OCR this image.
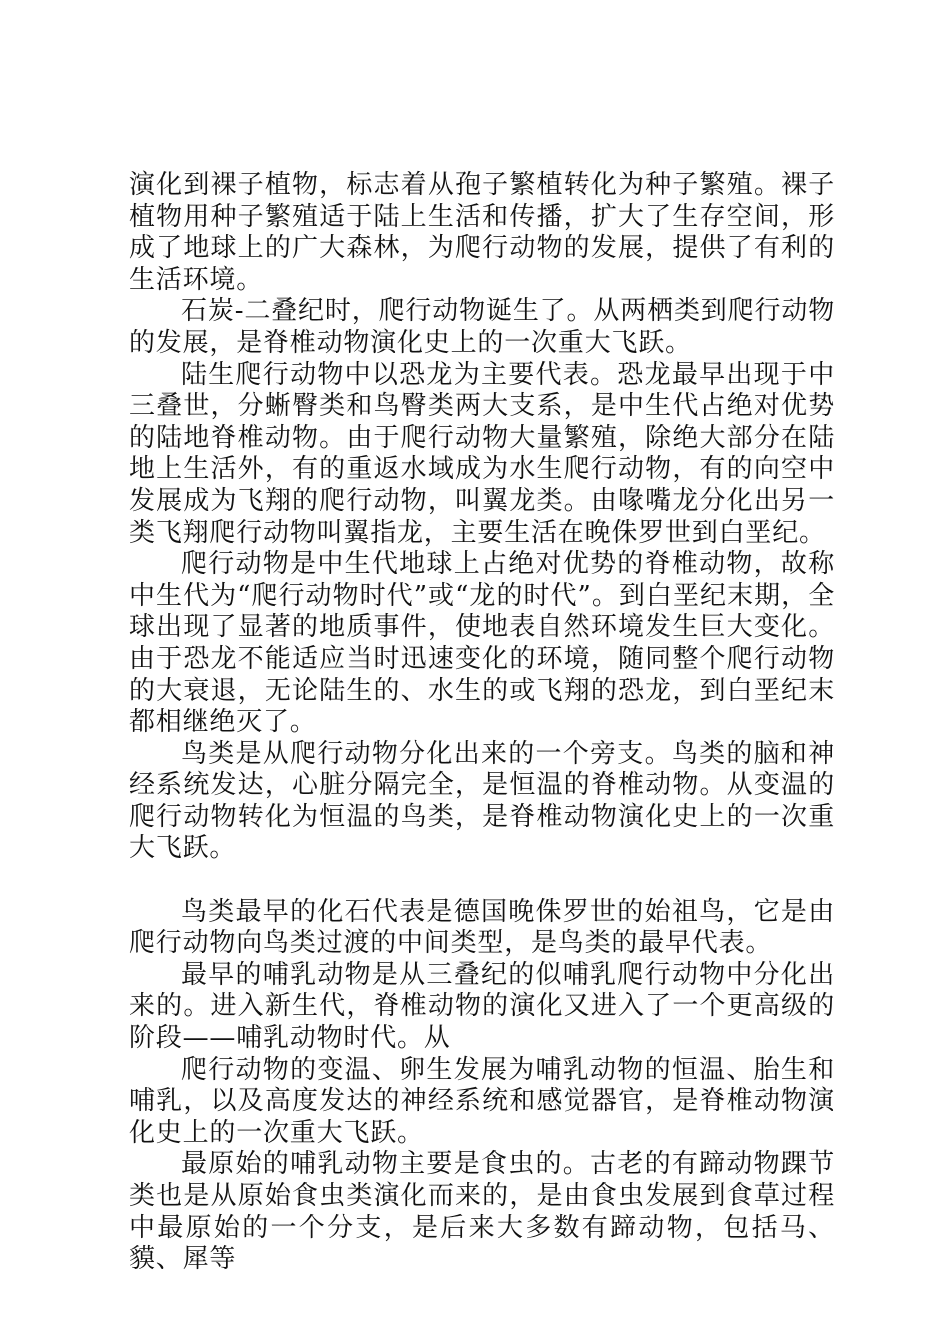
演化到裸子植物，标志着从孢子繁植转化为种子繁殖。裸子植物用种子繁殖适于陆上生活和传播，扩大了生存空间，形成了地球上的广大森林，为爬行动物的发展，提供了有利的生活环境。

石炭-二叠纪时，爬行动物诞生了。从两栖类到爬行动物的发展，是脊椎动物演化史上的一次重大飞跃。

陆生爬行动物中以恐龙为主要代表。恐龙最早出现于中三叠世，分蜥臀类和鸟臀类两大支系，是中生代占绝对优势的陆地脊椎动物。由于爬行动物大量繁殖，除绝大部分在陆地上生活外，有的重返水域成为水生爬行动物，有的向空中发展成为飞翔的爬行动物，叫翼龙类。由喙嘴龙分化出另一类飞翔爬行动物叫翼指龙，主要生活在晚侏罗世到白垩纪。

爬行动物是中生代地球上占绝对优势的脊椎动物，故称中生代为“爬行动物时代”或“龙的时代”。到白垩纪末期，全球出现了显著的地质事件，使地表自然环境发生巨大变化。由于恐龙不能适应当时迅速变化的环境，随同整个爬行动物的大衰退，无论陆生的、水生的或飞翔的恐龙，到白垩纪末都相继绝灭了。

鸟类是从爬行动物分化出来的一个旁支。鸟类的脑和神经系统发达，心脏分隔完全，是恒温的脊椎动物。从变温的爬行动物转化为恒温的鸟类，是脊椎动物演化史上的一次重大飞跃。

鸟类最早的化石代表是德国晚侏罗世的始祖鸟，它是由爬行动物向鸟类过渡的中间类型，是鸟类的最早代表。

最早的哺乳动物是从三叠纪的似哺乳爬行动物中分化出来的。进入新生代，脊椎动物的演化又进入了一个更高级的阶段——哺乳动物时代。从

爬行动物的变温、卵生发展为哺乳动物的恒温、胎生和哺乳，以及高度发达的神经系统和感觉器官，是脊椎动物演化史上的一次重大飞跃。

最原始的哺乳动物主要是食虫的。古老的有蹄动物踝节类也是从原始食虫类演化而来的，是由食虫发展到食草过程中最原始的一个分支，是后来大多数有蹄动物，包括马、貘、犀等
